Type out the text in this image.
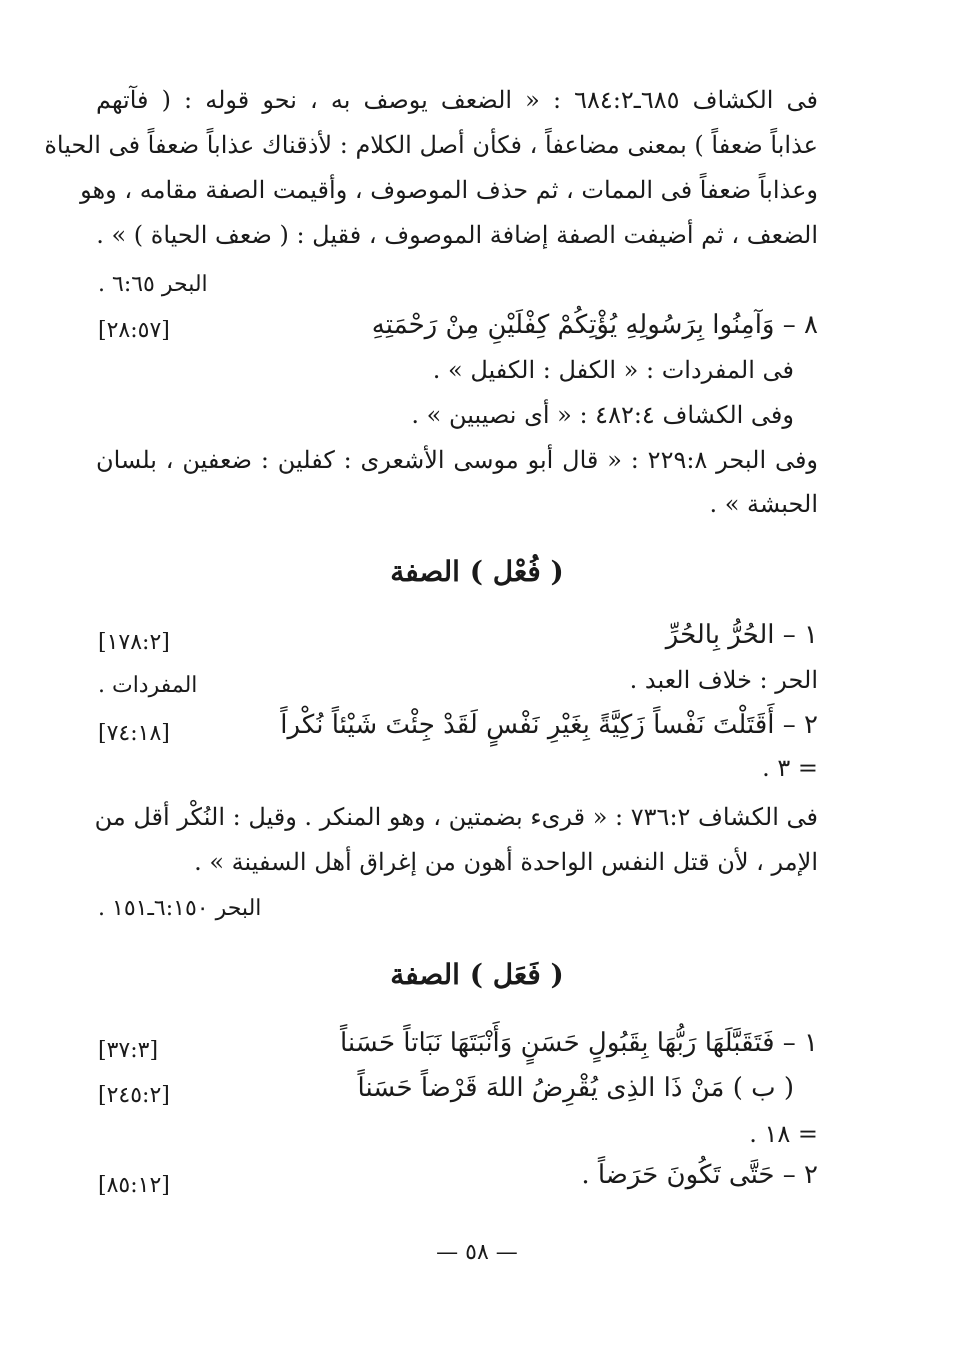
فى الكشاف ٦٨٥ـ٦٨٤:٢ : « الضعف يوصف به ، نحو قوله : ( فآتهم
عذاباً ضعفاً ) بمعنى مضاعفاً ، فكأن أصل الكلام : لأذقناك عذاباً ضعفاً فى الحياة
وعذاباً ضعفاً فى الممات ، ثم حذف الموصوف ، وأقيمت الصفة مقامه ، وهو
الضعف ، ثم أضيفت الصفة إضافة الموصوف ، فقيل : ( ضعف الحياة ) » .
البحر ٦:٦٥ .
٨ – وَآمِنُوا بِرَسُولِهِ يُؤْتِكُمْ كِفْلَيْنِ مِنْ رَحْمَتِهِ
[٢٨:٥٧]
فى المفردات : « الكفل : الكفيل » .
وفى الكشاف ٤٨٢:٤ : « أى نصيبين » .
وفى البحر ٢٢٩:٨ : « قال أبو موسى الأشعرى : كفلين : ضعفين ، بلسان
الحبشة » .
( فُعْل ) الصفة
١ – الحُرُّ بِالحُرِّ
[١٧٨:٢]
الحر : خلاف العبد .
المفردات .
٢ – أَقَتَلْتَ نَفْساً زَكِيَّةً بِغَيْرِ نَفْسٍ لَقَدْ جِئْتَ شَيْئاً نُكْراً
[٧٤:١٨]
= ٣ .
فى الكشاف ٧٣٦:٢ : « قرىء بضمتين ، وهو المنكر . وقيل : النُكْر أقل من
الإمر ، لأن قتل النفس الواحدة أهون من إغراق أهل السفينة » .
البحر ٦:١٥٠ـ١٥١ .
( فَعَل ) الصفة
١ – فَتَقَبَّلَهَا رَبُّهَا بِقَبُولٍ حَسَنٍ وَأَنْبَتَهَا نَبَاتاً حَسَناً
[٣٧:٣]
( ب ) مَنْ ذَا الذِى يُقْرِضُ اللهَ قَرْضاً حَسَناً
[٢٤٥:٢]
= ١٨ .
٢ – حَتَّى تَكُونَ حَرَضاً .
[٨٥:١٢]
— ٥٨ —
